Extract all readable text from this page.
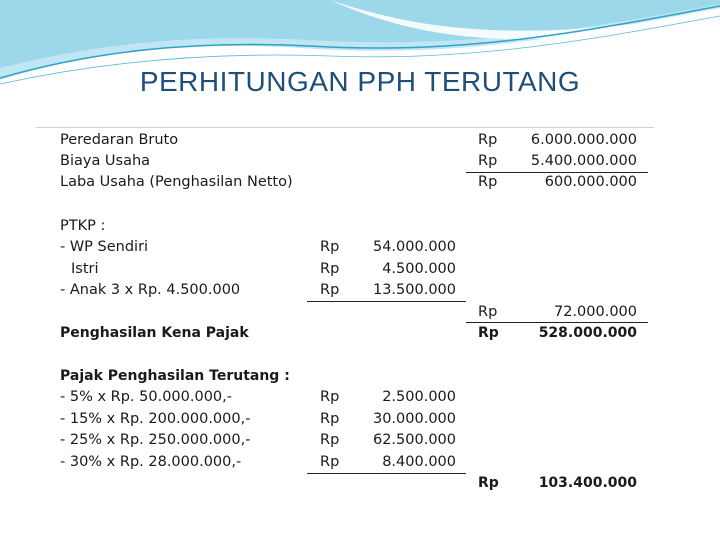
PERHITUNGAN PPH TERUTANG
Peredaran Bruto	Rp	6.000.000.000
Biaya Usaha	Rp	5.400.000.000
Laba Usaha (Penghasilan Netto)	Rp	600.000.000
PTKP :
- WP Sendiri	Rp	54.000.000
Istri	Rp	4.500.000
- Anak 3 x Rp. 4.500.000	Rp	13.500.000
Rp	72.000.000
Penghasilan Kena Pajak	Rp	528.000.000
Pajak Penghasilan Terutang :
- 5% x Rp. 50.000.000,-	Rp	2.500.000
- 15% x Rp. 200.000.000,-	Rp	30.000.000
- 25% x Rp. 250.000.000,-	Rp	62.500.000
- 30% x Rp. 28.000.000,-	Rp	8.400.000
Rp	103.400.000
